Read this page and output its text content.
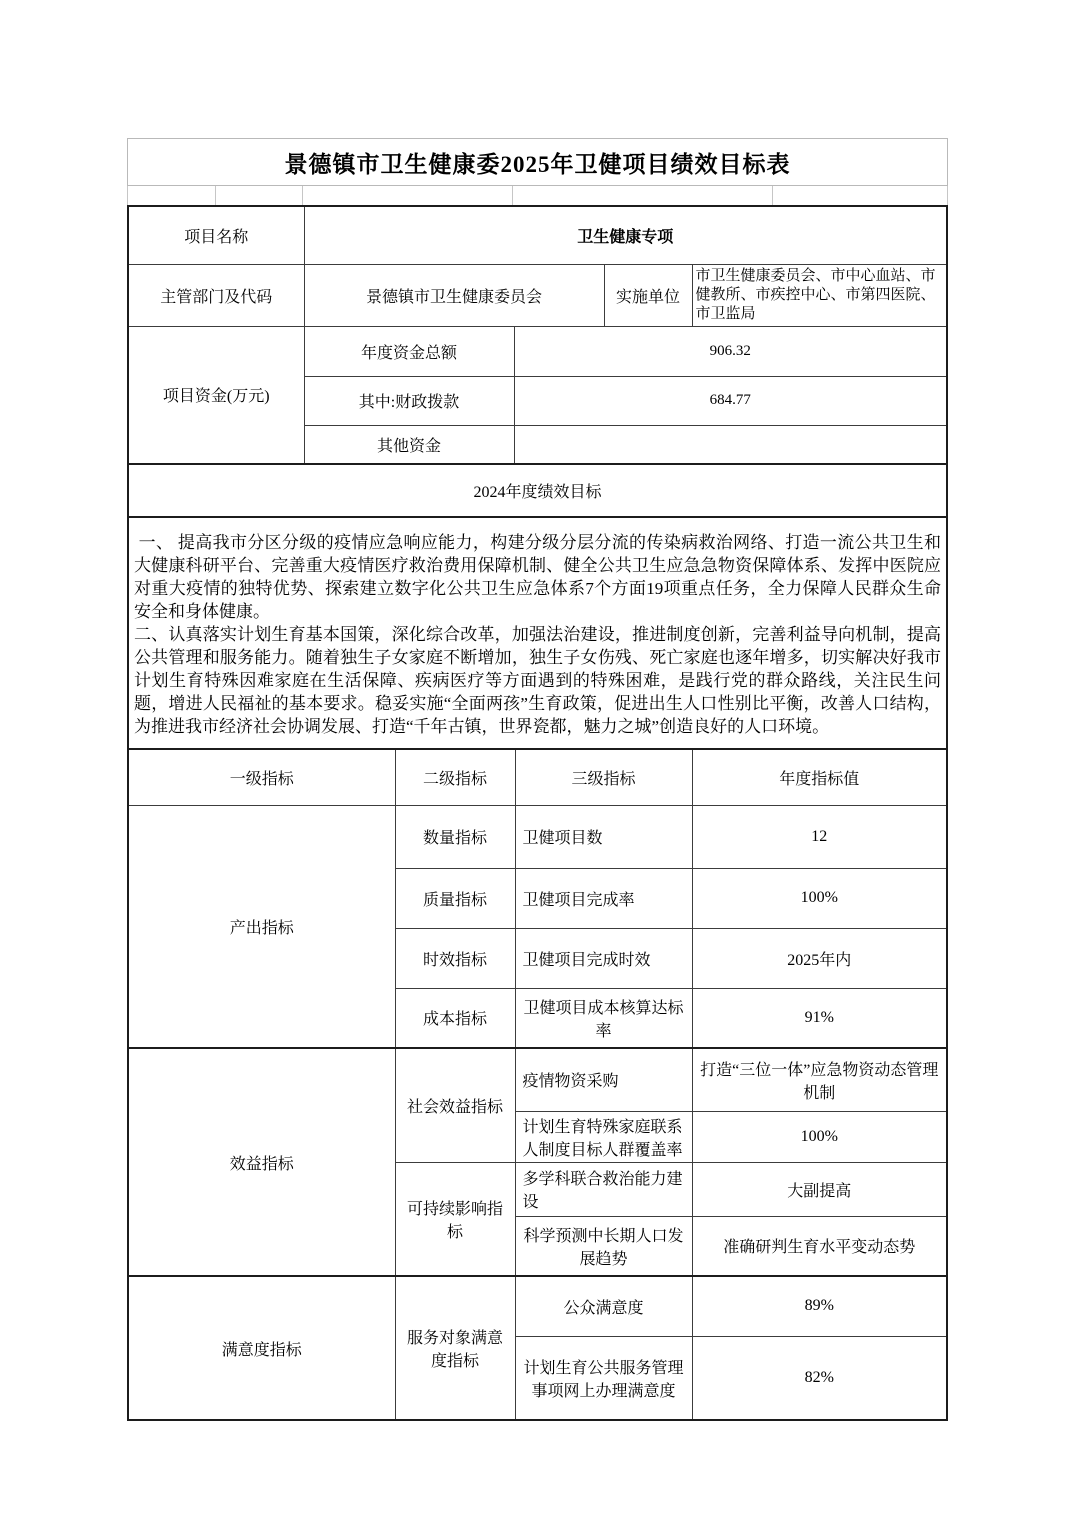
景德镇市卫生健康委2025年卫健项目绩效目标表
项目名称	卫生健康专项			
主管部门及代码	景德镇市卫生健康委员会		实施单位	市卫生健康委员会、市中心血站、市健教所、市疾控中心、市第四医院、市卫监局
项目资金(万元)	年度资金总额	906.32		
	其中:财政拨款	684.77		
	其他资金			
2024年度绩效目标

一、 提高我市分区分级的疫情应急响应能力，构建分级分层分流的传染病救治网络、打造一流公共卫生和大健康科研平台、完善重大疫情医疗救治费用保障机制、健全公共卫生应急急物资保障体系、发挥中医院应对重大疫情的独特优势、探索建立数字化公共卫生应急体系7个方面19项重点任务，全力保障人民群众生命安全和身体健康。

二、认真落实计划生育基本国策，深化综合改革，加强法治建设，推进制度创新，完善利益导向机制，提高公共管理和服务能力。随着独生子女家庭不断增加，独生子女伤残、死亡家庭也逐年增多，切实解决好我市计划生育特殊因难家庭在生活保障、疾病医疗等方面遇到的特殊困难，是践行党的群众路线，关注民生问题，增进人民福祉的基本要求。稳妥实施“全面两孩”生育政策，促进出生人口性别比平衡，改善人口结构，为推进我市经济社会协调发展、打造“千年古镇，世界瓷都，魅力之城”创造良好的人口环境。

一级指标	二级指标	三级指标	年度指标值
产出指标	数量指标	卫健项目数	12
	质量指标	卫健项目完成率	100%
	时效指标	卫健项目完成时效	2025年内
	成本指标	卫健项目成本核算达标率	91%
效益指标	社会效益指标	疫情物资采购	打造“三位一体”应急物资动态管理机制
		计划生育特殊家庭联系人制度目标人群覆盖率	100%
	可持续影响指标	多学科联合救治能力建设	大副提高
		科学预测中长期人口发展趋势	准确研判生育水平变动态势
满意度指标	服务对象满意度指标	公众满意度	89%
		计划生育公共服务管理事项网上办理满意度	82%
